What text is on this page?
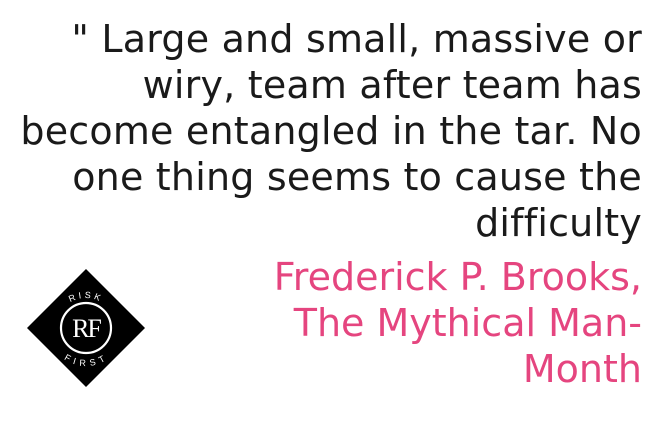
" Large and small, massive or wiry, team after team has become entangled in the tar. No one thing seems to cause the difficulty

Frederick P. Brooks, The Mythical Man-Month

RISK
FIRST
RF
